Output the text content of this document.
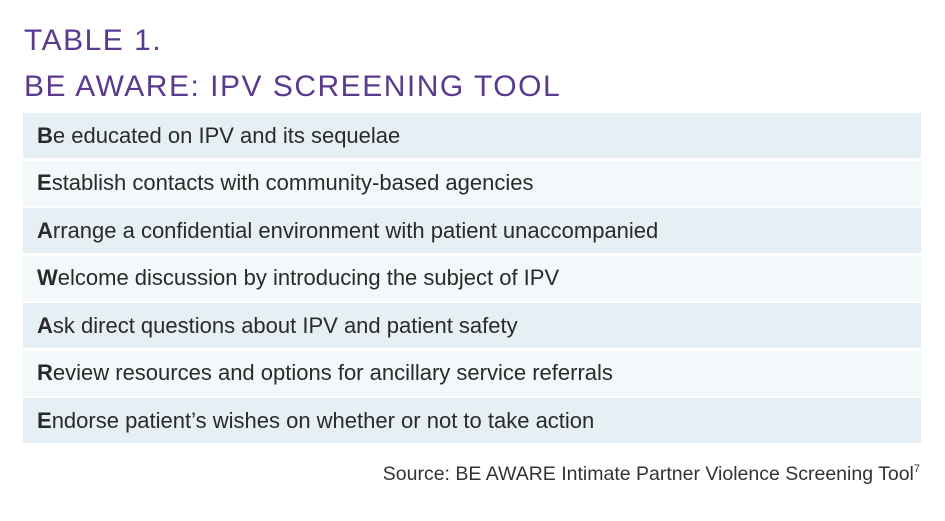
TABLE 1.
BE AWARE: IPV SCREENING TOOL
B e educated on IPV and its sequelae
E stablish contacts with community-based agencies
A rrange a confidential environment with patient unaccompanied
W elcome discussion by introducing the subject of IPV
A sk direct questions about IPV and patient safety
R eview resources and options for ancillary service referrals
E ndorse patient’s wishes on whether or not to take action
Source: BE AWARE Intimate Partner Violence Screening Tool$^7$
